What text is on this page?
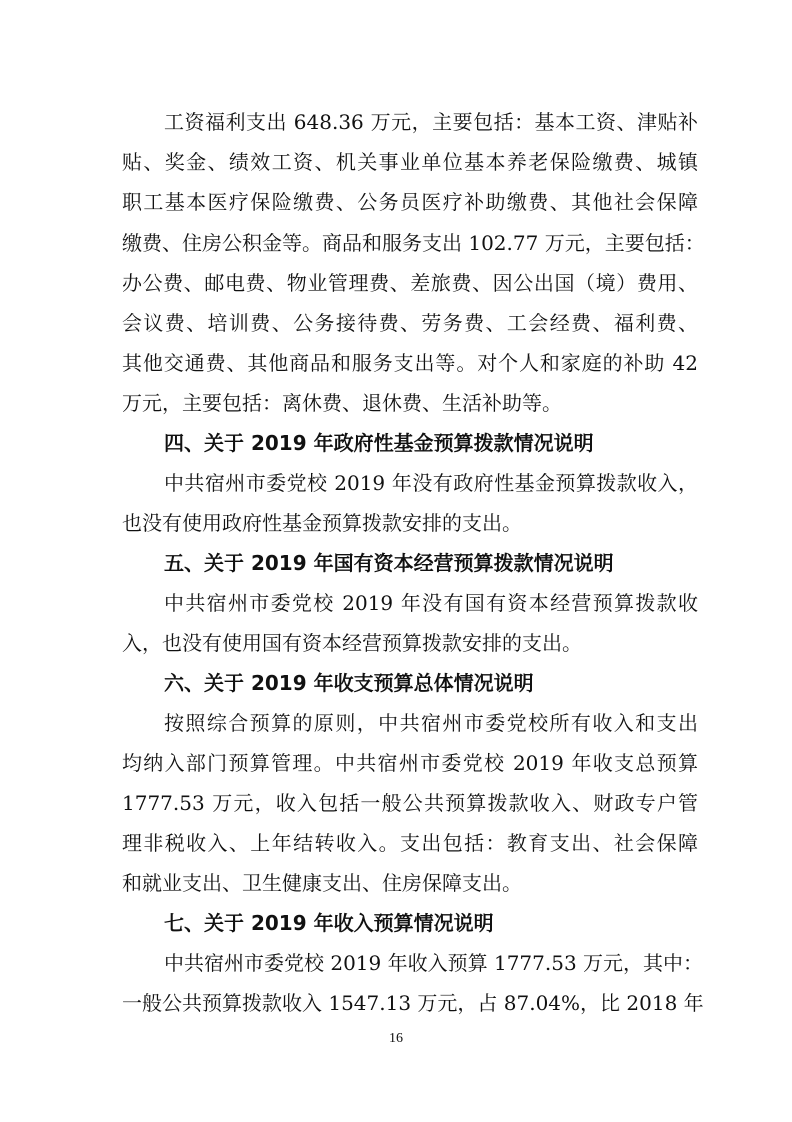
工资福利支出 648.36 万元，主要包括：基本工资、津贴补
贴、奖金、绩效工资、机关事业单位基本养老保险缴费、城镇
职工基本医疗保险缴费、公务员医疗补助缴费、其他社会保障
缴费、住房公积金等。商品和服务支出 102.77 万元，主要包括：
办公费、邮电费、物业管理费、差旅费、因公出国（境）费用、
会议费、培训费、公务接待费、劳务费、工会经费、福利费、
其他交通费、其他商品和服务支出等。对个人和家庭的补助 42
万元，主要包括：离休费、退休费、生活补助等。
四、关于 2019 年政府性基金预算拨款情况说明
中共宿州市委党校 2019 年没有政府性基金预算拨款收入，
也没有使用政府性基金预算拨款安排的支出。
五、关于 2019 年国有资本经营预算拨款情况说明
中共宿州市委党校 2019 年没有国有资本经营预算拨款收
入，也没有使用国有资本经营预算拨款安排的支出。
六、关于 2019 年收支预算总体情况说明
按照综合预算的原则，中共宿州市委党校所有收入和支出
均纳入部门预算管理。中共宿州市委党校 2019 年收支总预算
1777.53 万元，收入包括一般公共预算拨款收入、财政专户管
理非税收入、上年结转收入。支出包括：教育支出、社会保障
和就业支出、卫生健康支出、住房保障支出。
七、关于 2019 年收入预算情况说明
中共宿州市委党校 2019 年收入预算 1777.53 万元，其中：
一般公共预算拨款收入 1547.13 万元，占 87.04%，比 2018 年
16
